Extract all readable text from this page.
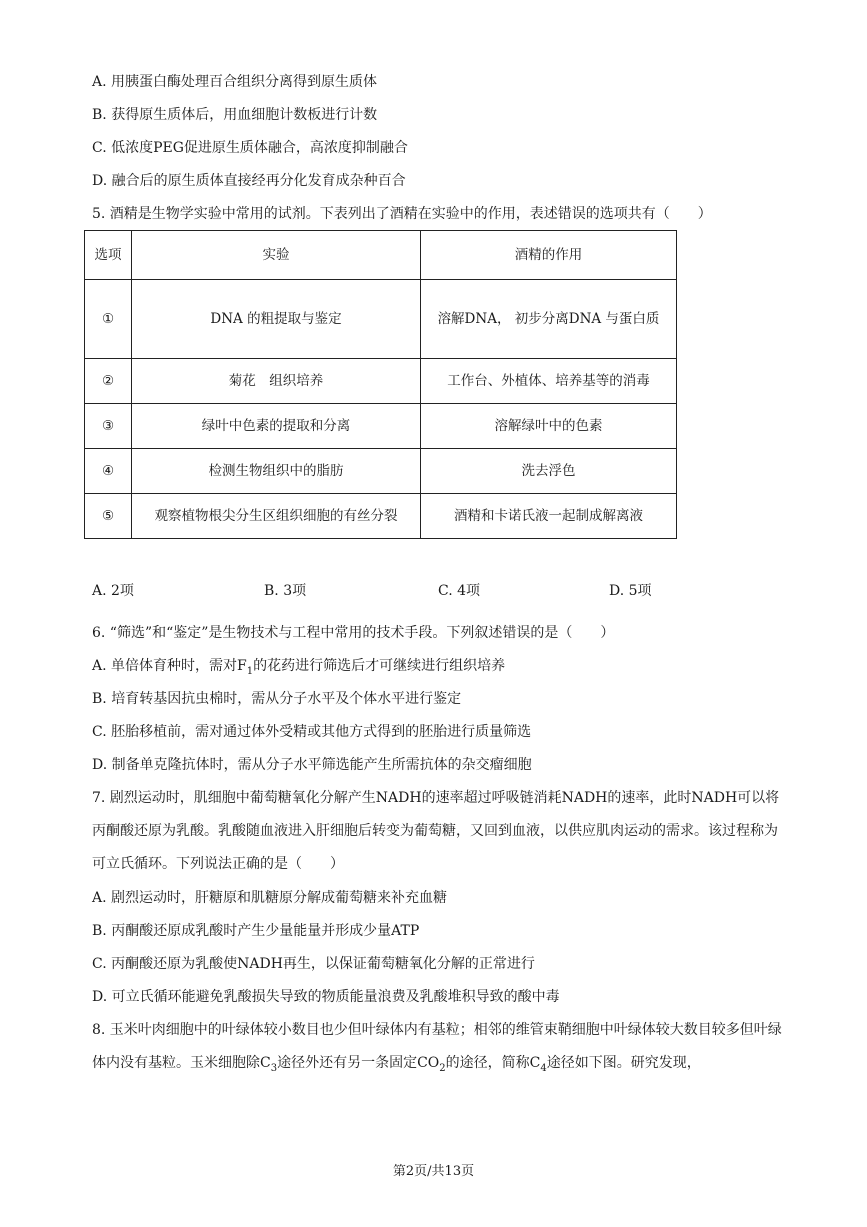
A. 用胰蛋白酶处理百合组织分离得到原生质体
B. 获得原生质体后，用血细胞计数板进行计数
C. 低浓度PEG促进原生质体融合，高浓度抑制融合
D. 融合后的原生质体直接经再分化发育成杂种百合
5. 酒精是生物学实验中常用的试剂。下表列出了酒精在实验中的作用，表述错误的选项共有（　　）
选项	实验	酒精的作用
①	DNA 的粗提取与鉴定	溶解DNA， 初步分离DNA 与蛋白质
②	菊花　组织培养	工作台、外植体、培养基等的消毒
③	绿叶中色素的提取和分离	溶解绿叶中的色素
④	检测生物组织中的脂肪	洗去浮色
⑤	观察植物根尖分生区组织细胞的有丝分裂	酒精和卡诺氏液一起制成解离液
A. 2项	B. 3项	C. 4项	D. 5项
6. “筛选”和“鉴定”是生物技术与工程中常用的技术手段。下列叙述错误的是（　　）
A. 单倍体育种时，需对$F_1$的花药进行筛选后才可继续进行组织培养
B. 培育转基因抗虫棉时，需从分子水平及个体水平进行鉴定
C. 胚胎移植前，需对通过体外受精或其他方式得到的胚胎进行质量筛选
D. 制备单克隆抗体时，需从分子水平筛选能产生所需抗体的杂交瘤细胞
7. 剧烈运动时，肌细胞中葡萄糖氧化分解产生NADH的速率超过呼吸链消耗NADH的速率，此时NADH可以将丙酮酸还原为乳酸。乳酸随血液进入肝细胞后转变为葡萄糖，又回到血液，以供应肌肉运动的需求。该过程称为可立氏循环。下列说法正确的是（　　）
A. 剧烈运动时，肝糖原和肌糖原分解成葡萄糖来补充血糖
B. 丙酮酸还原成乳酸时产生少量能量并形成少量ATP
C. 丙酮酸还原为乳酸使NADH再生，以保证葡萄糖氧化分解的正常进行
D. 可立氏循环能避免乳酸损失导致的物质能量浪费及乳酸堆积导致的酸中毒
8. 玉米叶肉细胞中的叶绿体较小数目也少但叶绿体内有基粒；相邻的维管束鞘细胞中叶绿体较大数目较多但叶绿体内没有基粒。玉米细胞除$C_3$途径外还有另一条固定$CO_2$的途径，简称$C_4$途径如下图。研究发现，
第2页/共13页
